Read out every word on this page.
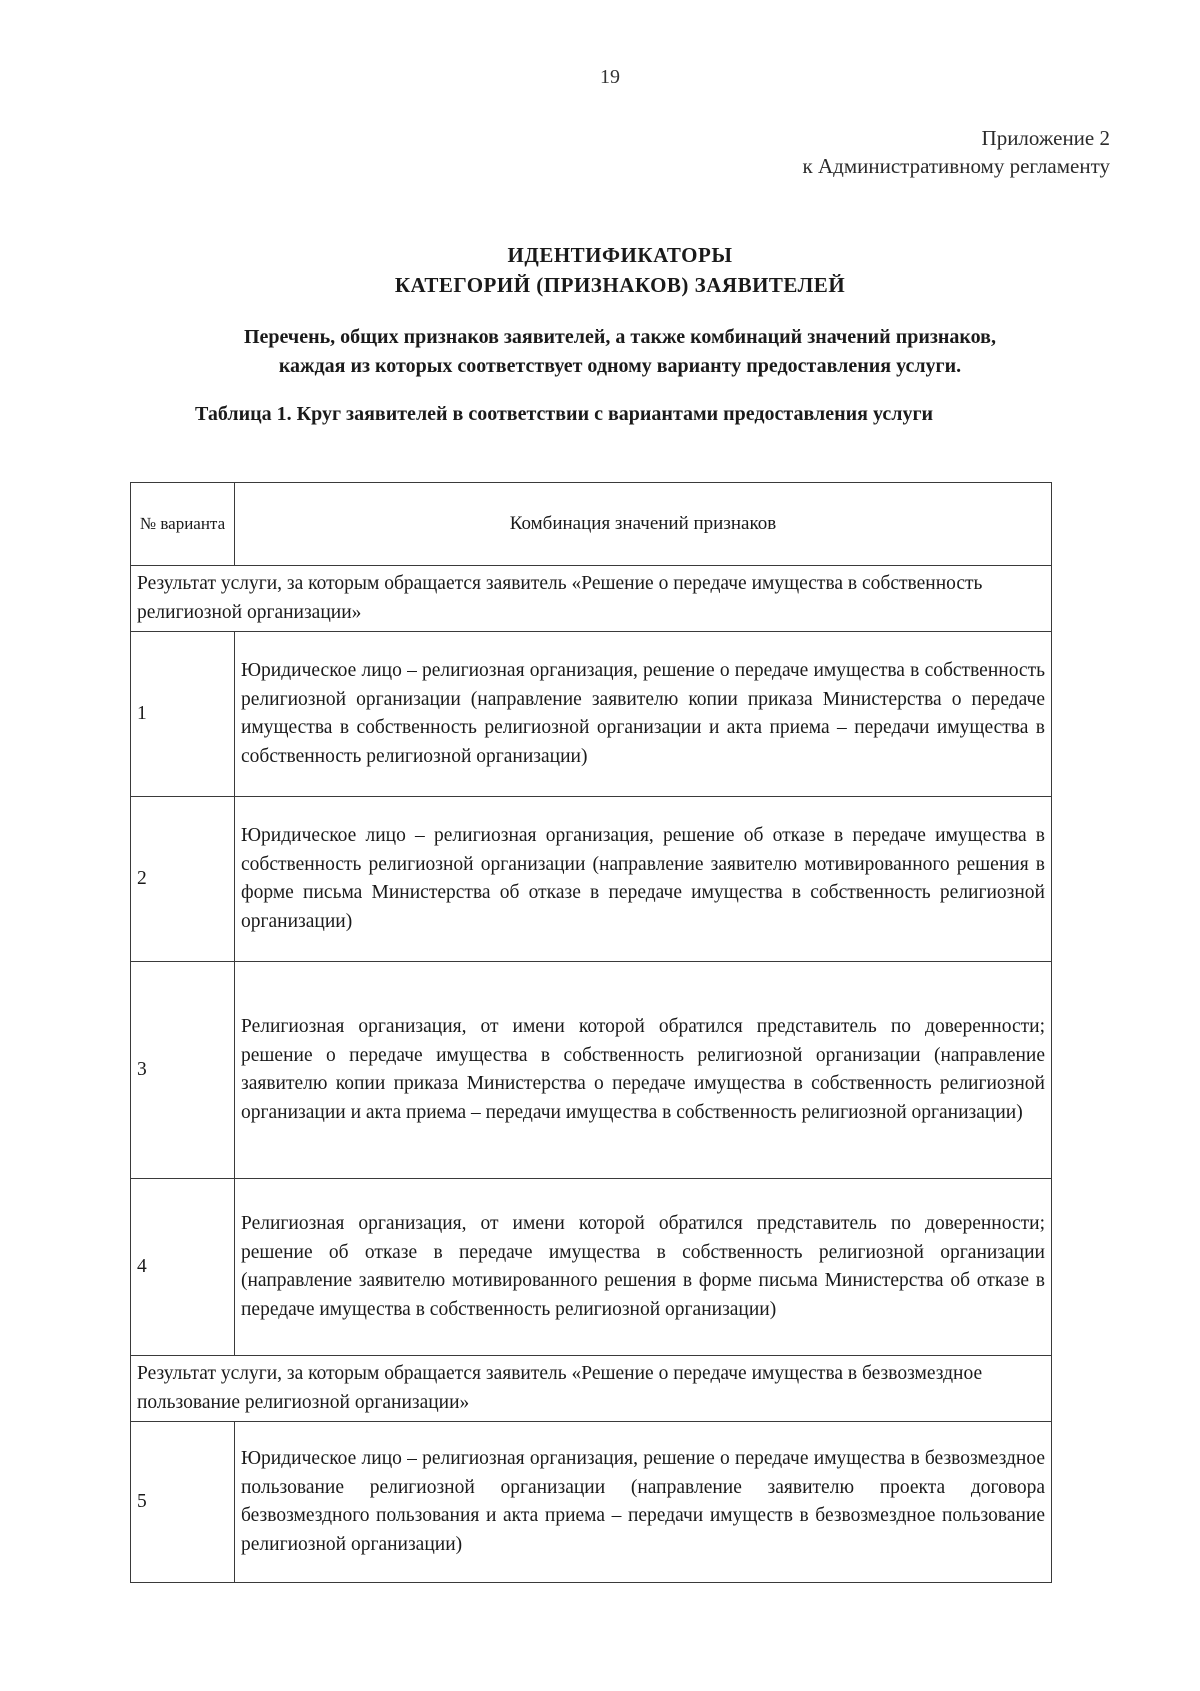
19
Приложение 2
к Административному регламенту
ИДЕНТИФИКАТОРЫ
КАТЕГОРИЙ (ПРИЗНАКОВ) ЗАЯВИТЕЛЕЙ
Перечень, общих признаков заявителей, а также комбинаций значений признаков,
каждая из которых соответствует одному варианту предоставления услуги.
Таблица 1. Круг заявителей в соответствии с вариантами предоставления услуги
№ варианта	Комбинация значений признаков
Результат услуги, за которым обращается заявитель «Решение о передаче имущества в собственность религиозной организации»	
1	Юридическое лицо – религиозная организация, решение о передаче имущества в собственность религиозной организации (направление заявителю копии приказа Министерства о передаче имущества в собственность религиозной организации и акта приема – передачи имущества в собственность религиозной организации)
2	Юридическое лицо – религиозная организация, решение об отказе в передаче имущества в собственность религиозной организации (направление заявителю мотивированного решения в форме письма Министерства об отказе в передаче имущества в собственность религиозной организации)
3	Религиозная организация, от имени которой обратился представитель по доверенности; решение о передаче имущества в собственность религиозной организации (направление заявителю копии приказа Министерства о передаче имущества в собственность религиозной организации и акта приема – передачи имущества в собственность религиозной организации)
4	Религиозная организация, от имени которой обратился представитель по доверенности; решение об отказе в передаче имущества в собственность религиозной организации (направление заявителю мотивированного решения в форме письма Министерства об отказе в передаче имущества в собственность религиозной организации)
Результат услуги, за которым обращается заявитель «Решение о передаче имущества в безвозмездное пользование религиозной организации»	
5	Юридическое лицо – религиозная организация, решение о передаче имущества в безвозмездное пользование религиозной организации (направление заявителю проекта договора безвозмездного пользования и акта приема – передачи имуществ в безвозмездное пользование религиозной организации)
